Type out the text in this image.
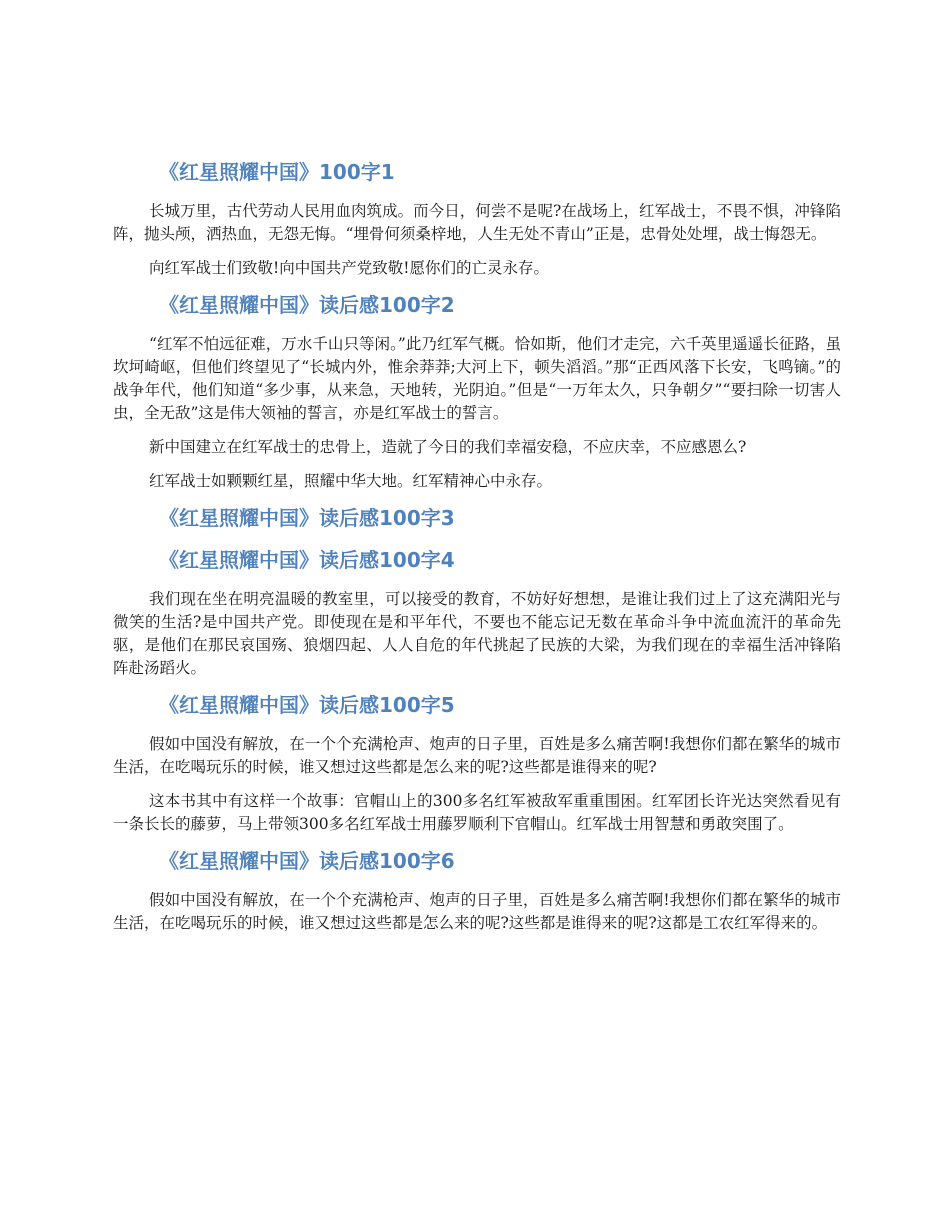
《红星照耀中国》100字1

长城万里，古代劳动人民用血肉筑成。而今日，何尝不是呢?在战场上，红军战士，不畏不惧，冲锋陷阵，抛头颅，洒热血，无怨无悔。“埋骨何须桑梓地，人生无处不青山”正是，忠骨处处埋，战士悔怨无。

向红军战士们致敬!向中国共产党致敬!愿你们的亡灵永存。

《红星照耀中国》读后感100字2

“红军不怕远征难，万水千山只等闲。”此乃红军气概。恰如斯，他们才走完，六千英里遥遥长征路，虽坎坷崎岖，但他们终望见了“长城内外，惟余莽莽;大河上下，顿失滔滔。”那“正西风落下长安，飞鸣镝。”的战争年代，他们知道“多少事，从来急，天地转，光阴迫。”但是“一万年太久，只争朝夕”“要扫除一切害人虫，全无敌”这是伟大领袖的誓言，亦是红军战士的誓言。

新中国建立在红军战士的忠骨上，造就了今日的我们幸福安稳，不应庆幸，不应感恩么?

红军战士如颗颗红星，照耀中华大地。红军精神心中永存。

《红星照耀中国》读后感100字3
《红星照耀中国》读后感100字4

我们现在坐在明亮温暖的教室里，可以接受的教育，不妨好好想想，是谁让我们过上了这充满阳光与微笑的生活?是中国共产党。即使现在是和平年代，不要也不能忘记无数在革命斗争中流血流汗的革命先驱，是他们在那民哀国殇、狼烟四起、人人自危的年代挑起了民族的大梁，为我们现在的幸福生活冲锋陷阵赴汤蹈火。

《红星照耀中国》读后感100字5

假如中国没有解放，在一个个充满枪声、炮声的日子里，百姓是多么痛苦啊!我想你们都在繁华的城市生活，在吃喝玩乐的时候，谁又想过这些都是怎么来的呢?这些都是谁得来的呢?

这本书其中有这样一个故事：官帽山上的300多名红军被敌军重重围困。红军团长许光达突然看见有一条长长的藤萝，马上带领300多名红军战士用藤罗顺利下官帽山。红军战士用智慧和勇敢突围了。

《红星照耀中国》读后感100字6

假如中国没有解放，在一个个充满枪声、炮声的日子里，百姓是多么痛苦啊!我想你们都在繁华的城市生活，在吃喝玩乐的时候，谁又想过这些都是怎么来的呢?这些都是谁得来的呢?这都是工农红军得来的。
